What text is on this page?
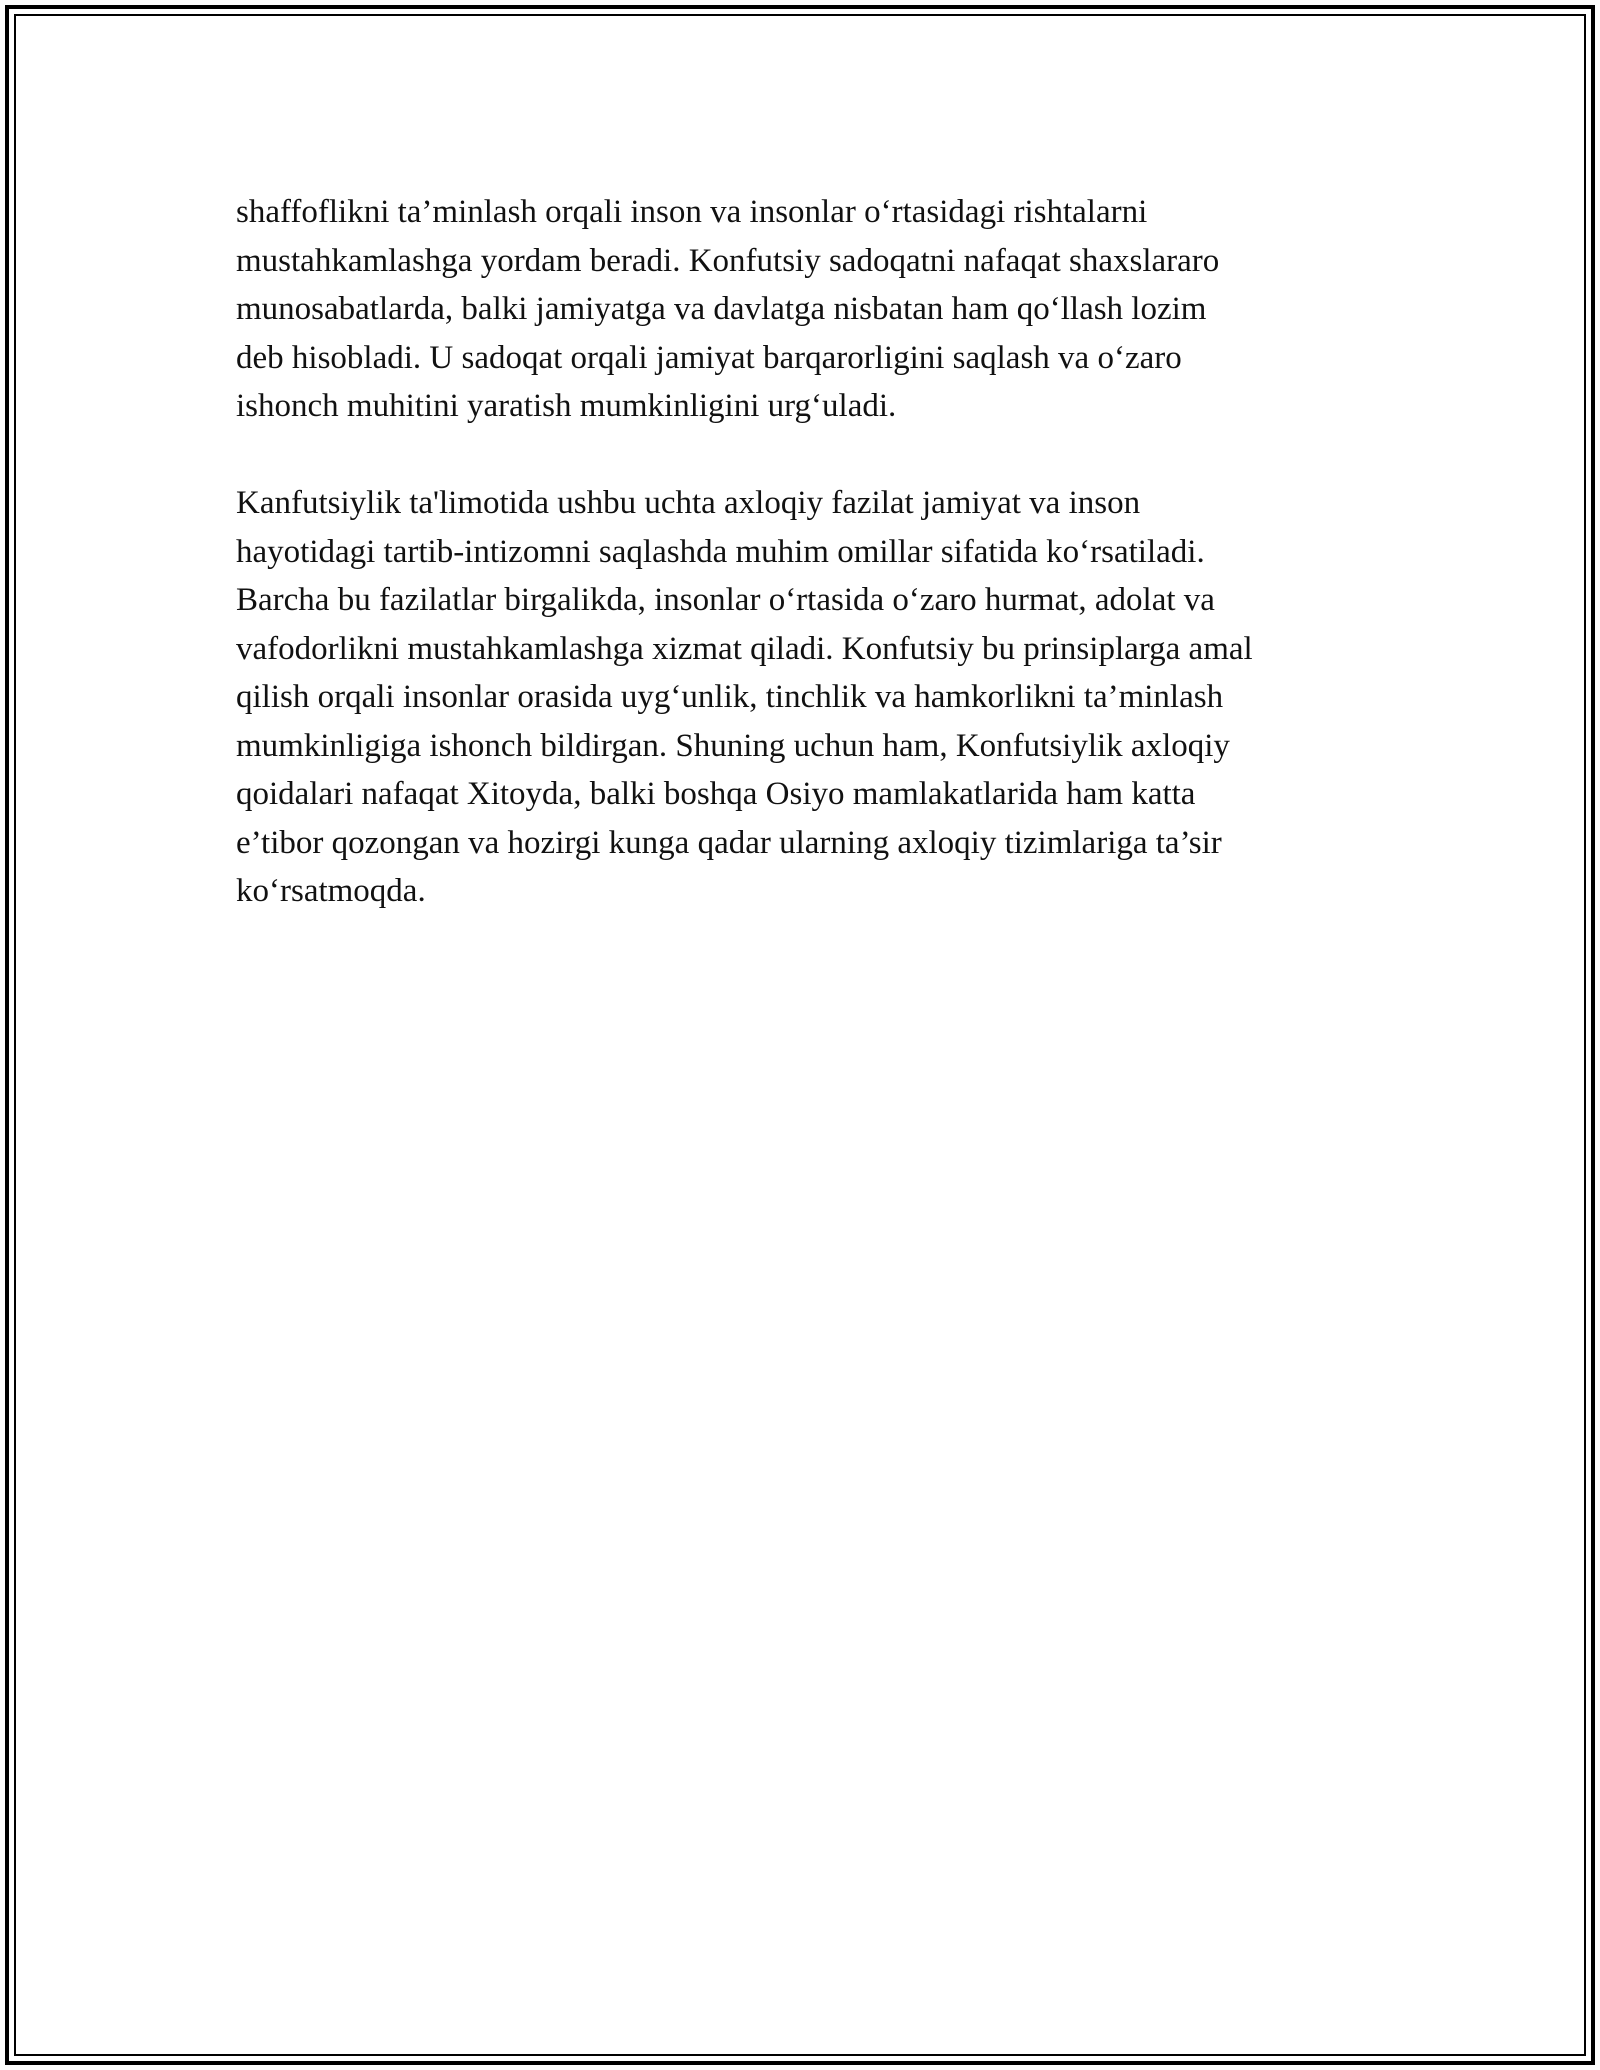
shaffoflikni ta’minlash orqali inson va insonlar o‘rtasidagi rishtalarni
mustahkamlashga yordam beradi. Konfutsiy sadoqatni nafaqat shaxslararo
munosabatlarda, balki jamiyatga va davlatga nisbatan ham qo‘llash lozim
deb hisobladi. U sadoqat orqali jamiyat barqarorligini saqlash va o‘zaro
ishonch muhitini yaratish mumkinligini urg‘uladi.

Kanfutsiylik ta'limotida ushbu uchta axloqiy fazilat jamiyat va inson
hayotidagi tartib-intizomni saqlashda muhim omillar sifatida ko‘rsatiladi.
Barcha bu fazilatlar birgalikda, insonlar o‘rtasida o‘zaro hurmat, adolat va
vafodorlikni mustahkamlashga xizmat qiladi. Konfutsiy bu prinsiplarga amal
qilish orqali insonlar orasida uyg‘unlik, tinchlik va hamkorlikni ta’minlash
mumkinligiga ishonch bildirgan. Shuning uchun ham, Konfutsiylik axloqiy
qoidalari nafaqat Xitoyda, balki boshqa Osiyo mamlakatlarida ham katta
e’tibor qozongan va hozirgi kunga qadar ularning axloqiy tizimlariga ta’sir
ko‘rsatmoqda.
